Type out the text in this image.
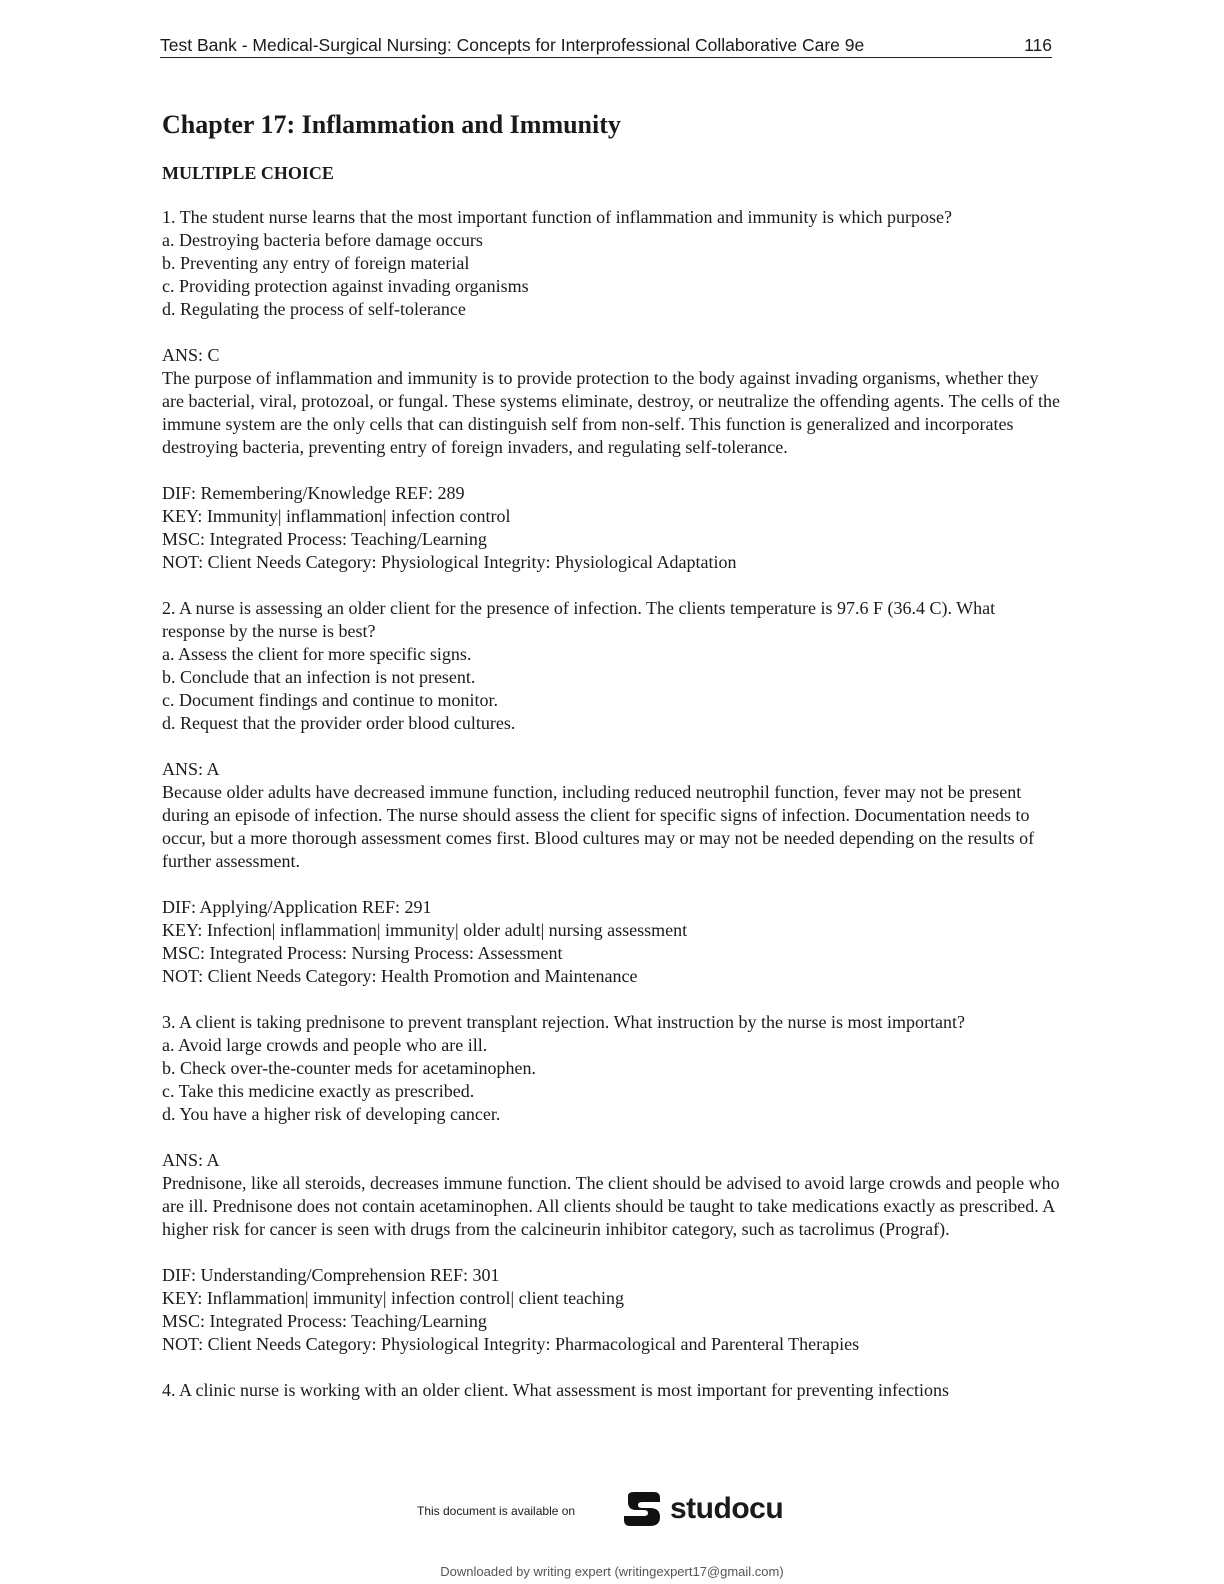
Test Bank - Medical-Surgical Nursing: Concepts for Interprofessional Collaborative Care 9e	116
Chapter 17: Inflammation and Immunity
MULTIPLE CHOICE

1. The student nurse learns that the most important function of inflammation and immunity is which purpose?

a. Destroying bacteria before damage occurs

b. Preventing any entry of foreign material

c. Providing protection against invading organisms

d. Regulating the process of self-tolerance

ANS: C

The purpose of inflammation and immunity is to provide protection to the body against invading organisms, whether they are bacterial, viral, protozoal, or fungal. These systems eliminate, destroy, or neutralize the offending agents. The cells of the immune system are the only cells that can distinguish self from non-self. This function is generalized and incorporates destroying bacteria, preventing entry of foreign invaders, and regulating self-tolerance.

DIF: Remembering/Knowledge REF: 289

KEY: Immunity| inflammation| infection control

MSC: Integrated Process: Teaching/Learning

NOT: Client Needs Category: Physiological Integrity: Physiological Adaptation

2. A nurse is assessing an older client for the presence of infection. The clients temperature is 97.6 F (36.4 C). What response by the nurse is best?

a. Assess the client for more specific signs.

b. Conclude that an infection is not present.

c. Document findings and continue to monitor.

d. Request that the provider order blood cultures.

ANS: A

Because older adults have decreased immune function, including reduced neutrophil function, fever may not be present during an episode of infection. The nurse should assess the client for specific signs of infection. Documentation needs to occur, but a more thorough assessment comes first. Blood cultures may or may not be needed depending on the results of further assessment.

DIF: Applying/Application REF: 291

KEY: Infection| inflammation| immunity| older adult| nursing assessment

MSC: Integrated Process: Nursing Process: Assessment

NOT: Client Needs Category: Health Promotion and Maintenance

3. A client is taking prednisone to prevent transplant rejection. What instruction by the nurse is most important?

a. Avoid large crowds and people who are ill.

b. Check over-the-counter meds for acetaminophen.

c. Take this medicine exactly as prescribed.

d. You have a higher risk of developing cancer.

ANS: A

Prednisone, like all steroids, decreases immune function. The client should be advised to avoid large crowds and people who are ill. Prednisone does not contain acetaminophen. All clients should be taught to take medications exactly as prescribed. A higher risk for cancer is seen with drugs from the calcineurin inhibitor category, such as tacrolimus (Prograf).

DIF: Understanding/Comprehension REF: 301

KEY: Inflammation| immunity| infection control| client teaching

MSC: Integrated Process: Teaching/Learning

NOT: Client Needs Category: Physiological Integrity: Pharmacological and Parenteral Therapies

4. A clinic nurse is working with an older client. What assessment is most important for preventing infections

This document is available on	studocu
Downloaded by writing expert (writingexpert17@gmail.com)
